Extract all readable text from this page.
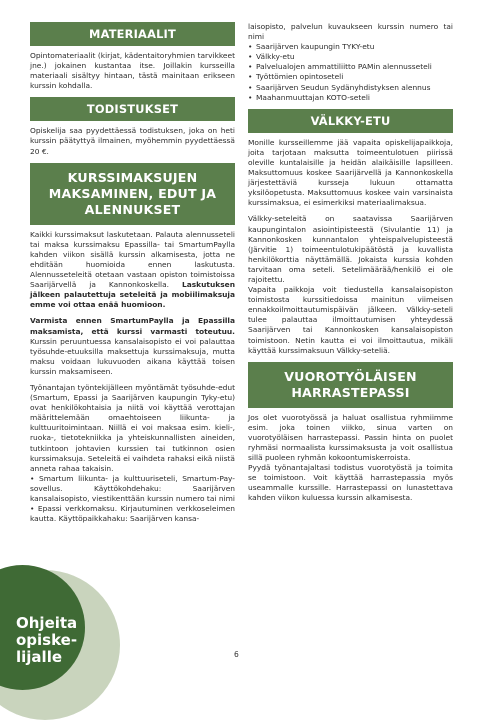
MATERIAALIT

Opintomateriaalit (kirjat, kädentaitoryhmien tarvikkeet jne.) jokainen kustantaa itse. Joillakin kursseilla materiaali sisältyy hintaan, tästä mainitaan erikseen kurssin kohdalla.

TODISTUKSET

Opiskelija saa pyydettäessä todistuksen, joka on heti kurssin päätyttyä ilmainen, myöhemmin pyydettäessä 20 €.

KURSSIMAKSUJEN MAKSAMINEN, EDUT JA ALENNUKSET

Kaikki kurssimaksut laskutetaan. Palauta alennusseteli tai maksa kurssimaksu Epassilla- tai SmartumPaylla kahden viikon sisällä kurssin alkamisesta, jotta ne ehditään huomioida ennen laskutusta. Alennusseteleitä otetaan vastaan opiston toimistoissa Saarijärvellä ja Kannonkoskella. Laskutuksen jälkeen palautettuja seteleitä ja mobiilimaksuja emme voi ottaa enää huomioon.

Varmista ennen SmartumPaylla ja Epassilla maksamista, että kurssi varmasti toteutuu. Kurssin peruuntuessa kansalaisopisto ei voi palauttaa työsuhde-etuuksilla maksettuja kurssimaksuja, mutta maksu voidaan lukuvuoden aikana käyttää toisen kurssin maksamiseen.

Työnantajan työntekijälleen myöntämät työsuhde-edut (Smartum, Epassi ja Saarijärven kaupungin Tyky-etu) ovat henkilökohtaisia ja niitä voi käyttää verottajan määrittelemään omaehtoiseen liikunta- ja kulttuuritoimintaan. Niillä ei voi maksaa esim. kieli-, ruoka-, tietotekniikka ja yhteiskunnallisten aineiden, tutkintoon johtavien kurssien tai tutkinnon osien kurssimaksuja. Seteleitä ei vaihdeta rahaksi eikä niistä anneta rahaa takaisin.

• Smartum liikunta- ja kulttuuriseteli, Smartum-Pay-sovellus. Käyttökohdehaku: Saarijärven kansalaisopisto, viestikenttään kurssin numero tai nimi
• Epassi verkkomaksu. Kirjautuminen verkkoseleimen kautta. Käyttöpaikkahaku: Saarijärven kansa-

laisopisto, palvelun kuvaukseen kurssin numero tai nimi

• Saarijärven kaupungin TYKY-etu
• Välkky-etu
• Palvelualojen ammattiliitto PAMin alennusseteli
• Työttömien opintoseteli
• Saarijärven Seudun Sydänyhdistyksen alennus
• Maahanmuuttajan KOTO-seteli
VÄLKKY-ETU

Monille kursseillemme jää vapaita opiskelijapaikkoja, joita tarjotaan maksutta toimeentulotuen piirissä oleville kuntalaisille ja heidän alaikäisille lapsilleen. Maksuttomuus koskee Saarijärvellä ja Kannonkoskella järjestettäviä kursseja lukuun ottamatta yksilöopetusta. Maksuttomuus koskee vain varsinaista kurssimaksua, ei esimerkiksi materiaalimaksua.

Välkky-seteleitä on saatavissa Saarijärven kaupungintalon asiointipisteestä (Sivulantie 11) ja Kannonkosken kunnantalon yhteispalvelupisteestä (Järvitie 1) toimeentulotukipäätöstä ja kuvallista henkilökorttia näyttämällä. Jokaista kurssia kohden tarvitaan oma seteli. Setelimäärää/henkilö ei ole rajoitettu.

Vapaita paikkoja voit tiedustella kansalaisopiston toimistosta kurssitiedoissa mainitun viimeisen ennakkoilmoittautumispäivän jälkeen. Välkky-seteli tulee palauttaa ilmoittautumisen yhteydessä Saarijärven tai Kannonkosken kansalaisopiston toimistoon. Netin kautta ei voi ilmoittautua, mikäli käyttää kurssimaksuun Välkky-seteliä.

VUOROTYÖLÄISEN HARRASTEPASSI

Jos olet vuorotyössä ja haluat osallistua ryhmiimme esim. joka toinen viikko, sinua varten on vuorotyöläisen harrastepassi. Passin hinta on puolet ryhmäsi normaalista kurssimaksusta ja voit osallistua sillä puoleen ryhmän kokoontumiskerroista.

Pyydä työnantajaltasi todistus vuorotyöstä ja toimita se toimistoon. Voit käyttää harrastepassia myös useammalle kurssille. Harrastepassi on lunastettava kahden viikon kuluessa kurssin alkamisesta.

Ohjeita
opiske-
lijalle	6
